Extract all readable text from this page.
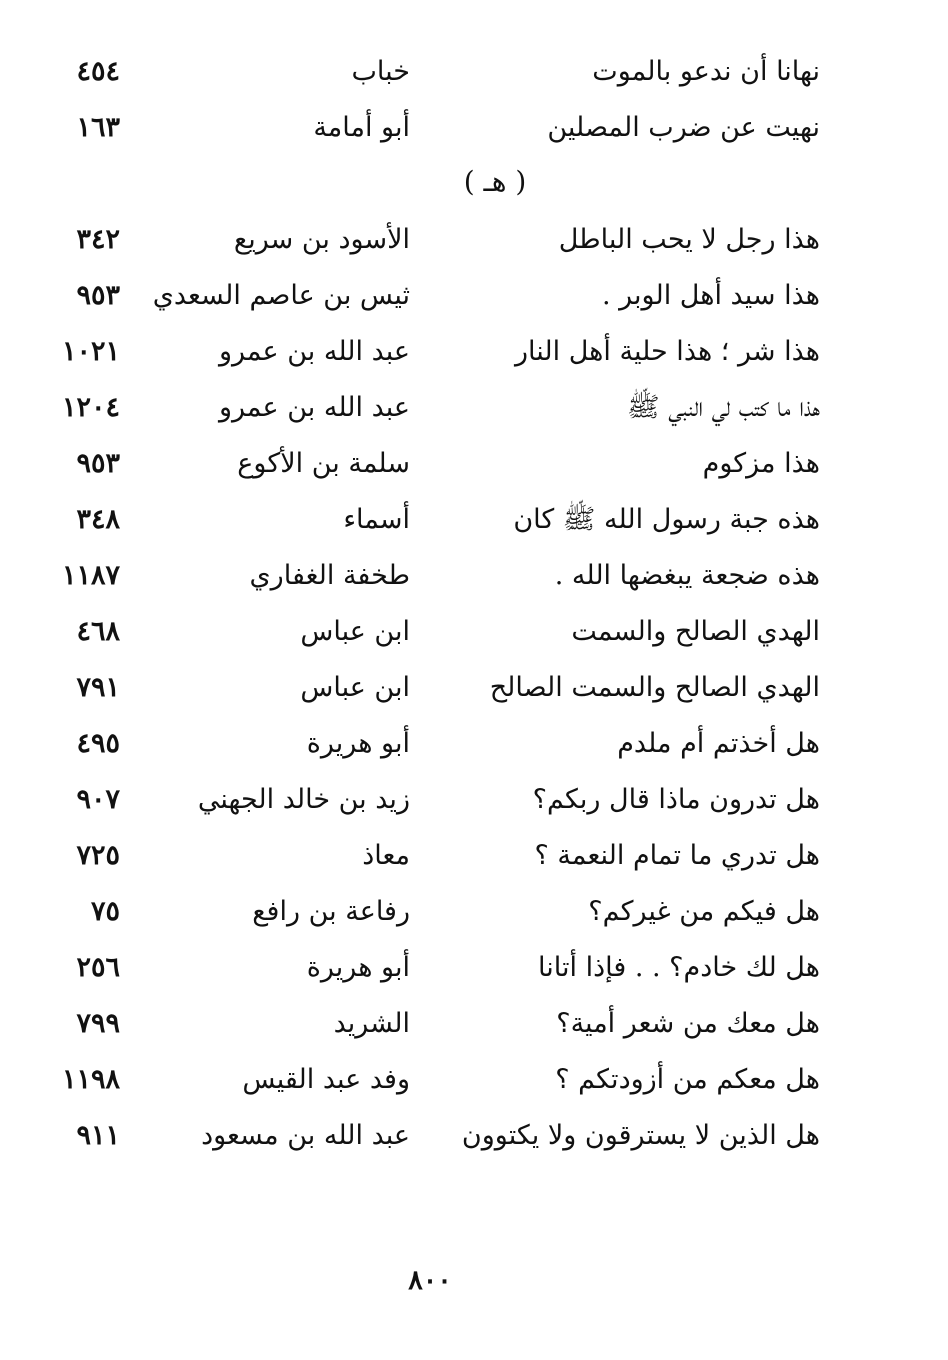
نهانا أن ندعو بالموت
خباب
٤٥٤
نهيت عن ضرب المصلين
أبو أمامة
١٦٣
( هـ )
هذا رجل لا يحب الباطل
الأسود بن سريع
٣٤٢
هذا سيد أهل الوبر .
ثيس بن عاصم السعدي
٩٥٣
هذا شر ؛ هذا حلية أهل النار
عبد الله بن عمرو
١٠٢١
هذا ما كتب لي النبي ﷺ
عبد الله بن عمرو
١٢٠٤
هذا مزكوم
سلمة بن الأكوع
٩٥٣
هذه جبة رسول الله ﷺ كان
أسماء
٣٤٨
هذه ضجعة يبغضها الله .
طخفة الغفاري
١١٨٧
الهدي الصالح والسمت
ابن عباس
٤٦٨
الهدي الصالح والسمت الصالح
ابن عباس
٧٩١
هل أخذتم أم ملدم
أبو هريرة
٤٩٥
هل تدرون ماذا قال ربكم؟
زيد بن خالد الجهني
٩٠٧
هل تدري ما تمام النعمة ؟
معاذ
٧٢٥
هل فيكم من غيركم؟
رفاعة بن رافع
٧٥
هل لك خادم؟ . . فإذا أتانا
أبو هريرة
٢٥٦
هل معك من شعر أمية؟
الشريد
٧٩٩
هل معكم من أزودتكم ؟
وفد عبد القيس
١١٩٨
هل الذين لا يسترقون ولا يكتوون
عبد الله بن مسعود
٩١١
٨٠٠
